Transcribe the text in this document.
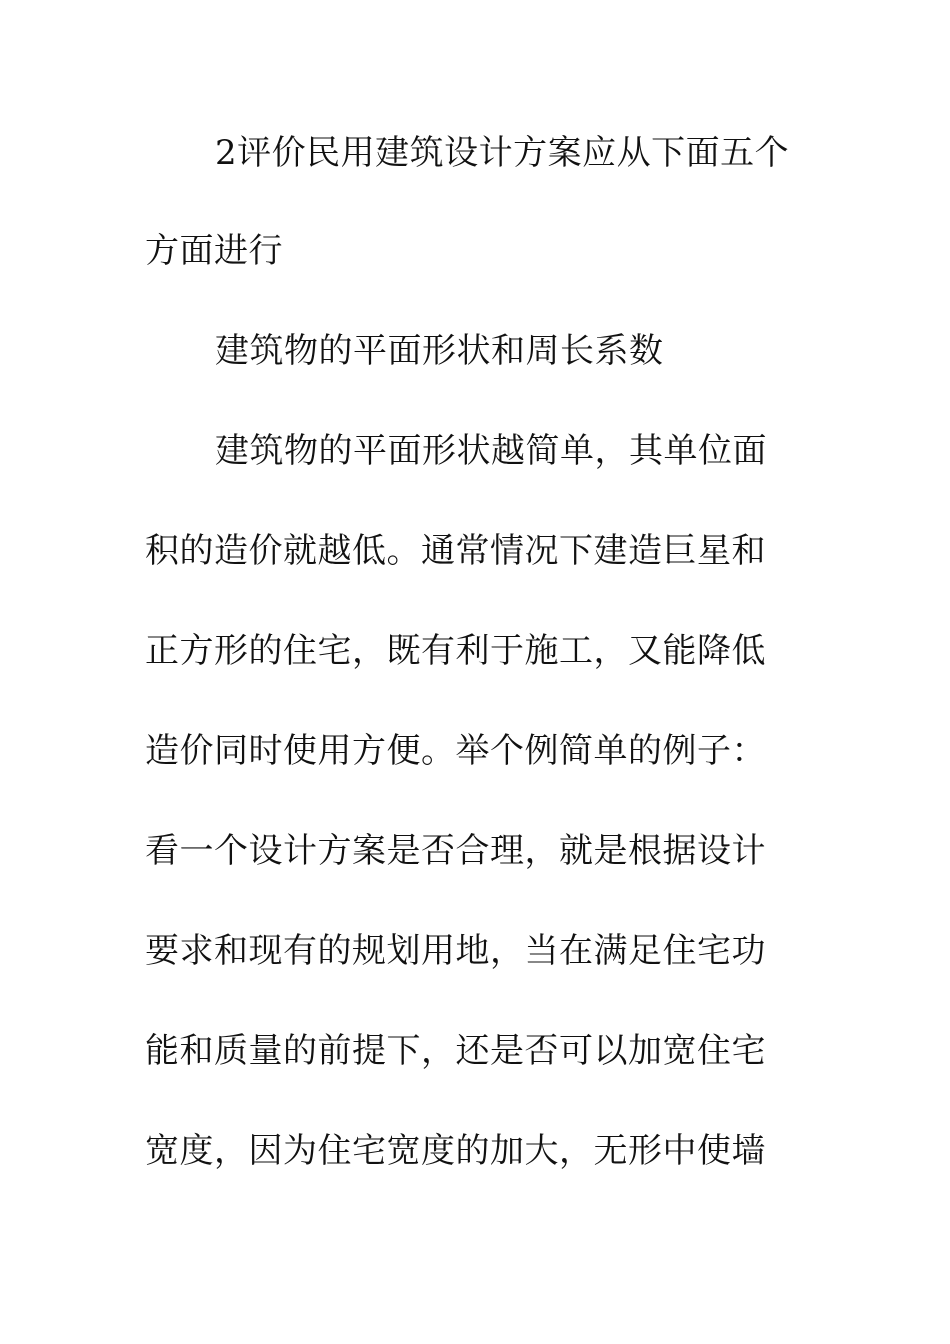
2评价民用建筑设计方案应从下面五个
方面进行
建筑物的平面形状和周长系数
建筑物的平面形状越简单，其单位面
积的造价就越低。通常情况下建造巨星和
正方形的住宅，既有利于施工，又能降低
造价同时使用方便。举个例简单的例子：
看一个设计方案是否合理，就是根据设计
要求和现有的规划用地，当在满足住宅功
能和质量的前提下，还是否可以加宽住宅
宽度，因为住宅宽度的加大，无形中使墙
